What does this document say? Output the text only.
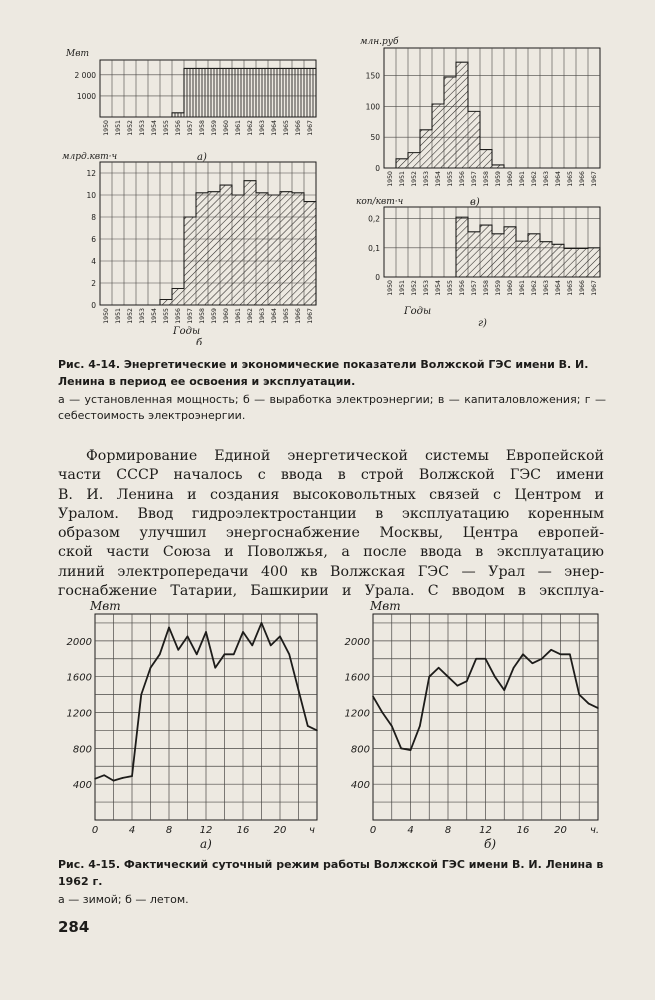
1000
2 000
1950 1951 1952 1953 1954 1955 1956 1957 1958 1959 1960 1961 1962 1963 1964 1965 1966 1967
Мвт
а)
0
2
4
6
8
10
12
1950 1951 1952 1953 1954 1955 1956 1957 1958 1959 1960 1961 1962 1963 1964 1965 1966 1967
млрд.квт·ч
Годы
б
0
50
100
150
1950 1951 1952 1953 1954 1955 1956 1957 1958 1959 1960 1961 1962 1963 1964 1965 1966 1967
млн.руб
в)
0
0,1
0,2
1950 1951 1952 1953 1954 1955 1956 1957 1958 1959 1960 1961 1962 1963 1964 1965 1966 1967
коп/квт·ч
Годы
г)
Рис. 4-14. Энергетические и экономические показатели Волжской ГЭС имени В. И. Ленина в период ее освоения и эксплуатации.
а — установленная мощность; б — выработка электроэнергии; в — капиталовложения; г — себестоимость электроэнергии.
Формирование Единой энергетической системы Европейской
части СССР началось с ввода в строй Волжской ГЭС имени
В. И. Ленина и создания высоковольтных связей с Центром и
Уралом. Ввод гидроэлектростанции в эксплуатацию коренным
образом улучшил энергоснабжение Москвы, Центра европей-
ской части Союза и Поволжья, а после ввода в эксплуатацию
линий электропередачи 400 кв Волжская ГЭС — Урал — энер-
госнабжение Татарии, Башкирии и Урала. С вводом в эксплуа-
400
800
1200
1600
2000
0	4	8	12 16 20
Мвт
ч
а)
400
800
1200
1600
2000
0	4	8	12 16 20
Мвт
ч.
б)
Рис. 4-15. Фактический суточный режим работы Волжской ГЭС имени В. И. Ленина в 1962 г.
а — зимой; б — летом.
284
